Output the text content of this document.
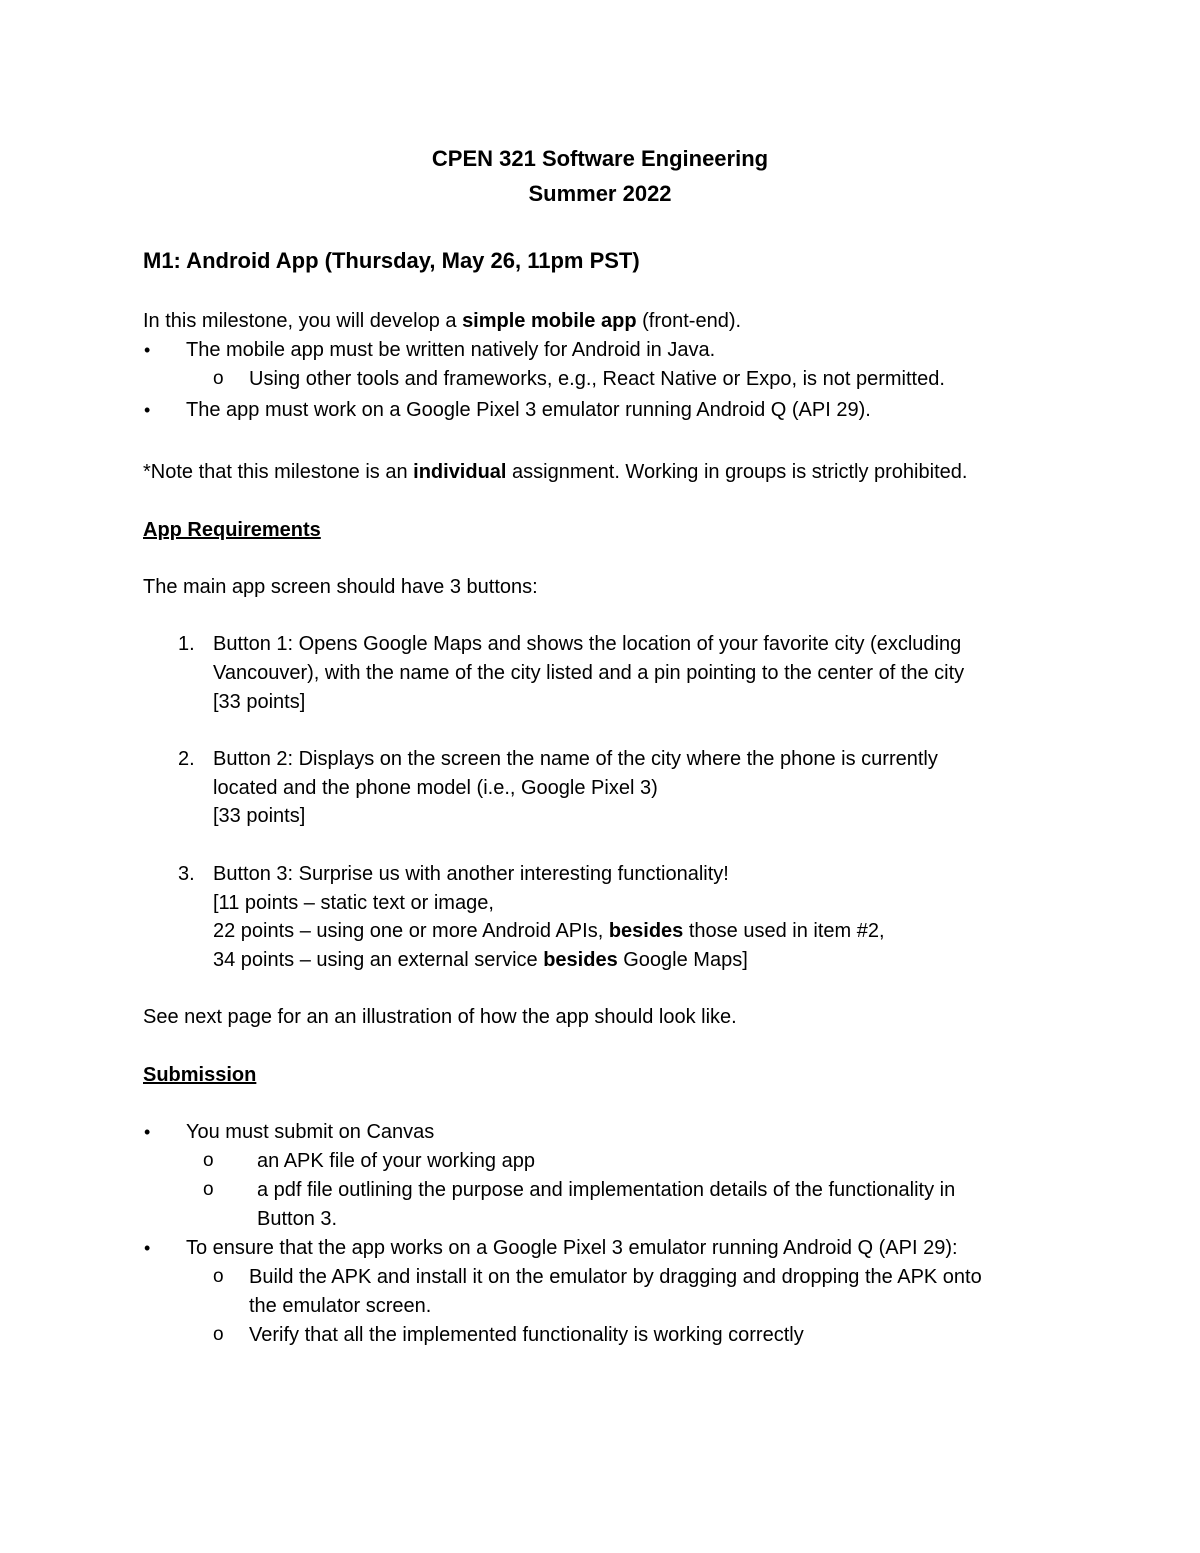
CPEN 321 Software Engineering
Summer 2022
M1: Android App (Thursday, May 26, 11pm PST)
In this milestone, you will develop a simple mobile app (front-end).
• The mobile app must be written natively for Android in Java.
o Using other tools and frameworks, e.g., React Native or Expo, is not permitted.
• The app must work on a Google Pixel 3 emulator running Android Q (API 29).
*Note that this milestone is an individual assignment. Working in groups is strictly prohibited.
App Requirements
The main app screen should have 3 buttons:
1. Button 1: Opens Google Maps and shows the location of your favorite city (excluding
Vancouver), with the name of the city listed and a pin pointing to the center of the city
[33 points]
2. Button 2: Displays on the screen the name of the city where the phone is currently
located and the phone model (i.e., Google Pixel 3)
[33 points]
3. Button 3: Surprise us with another interesting functionality!
[11 points – static text or image,
22 points – using one or more Android APIs, besides those used in item #2,
34 points – using an external service besides Google Maps]
See next page for an an illustration of how the app should look like.
Submission
• You must submit on Canvas
o an APK file of your working app
o a pdf file outlining the purpose and implementation details of the functionality in
Button 3.
• To ensure that the app works on a Google Pixel 3 emulator running Android Q (API 29):
o Build the APK and install it on the emulator by dragging and dropping the APK onto
the emulator screen.
o Verify that all the implemented functionality is working correctly
